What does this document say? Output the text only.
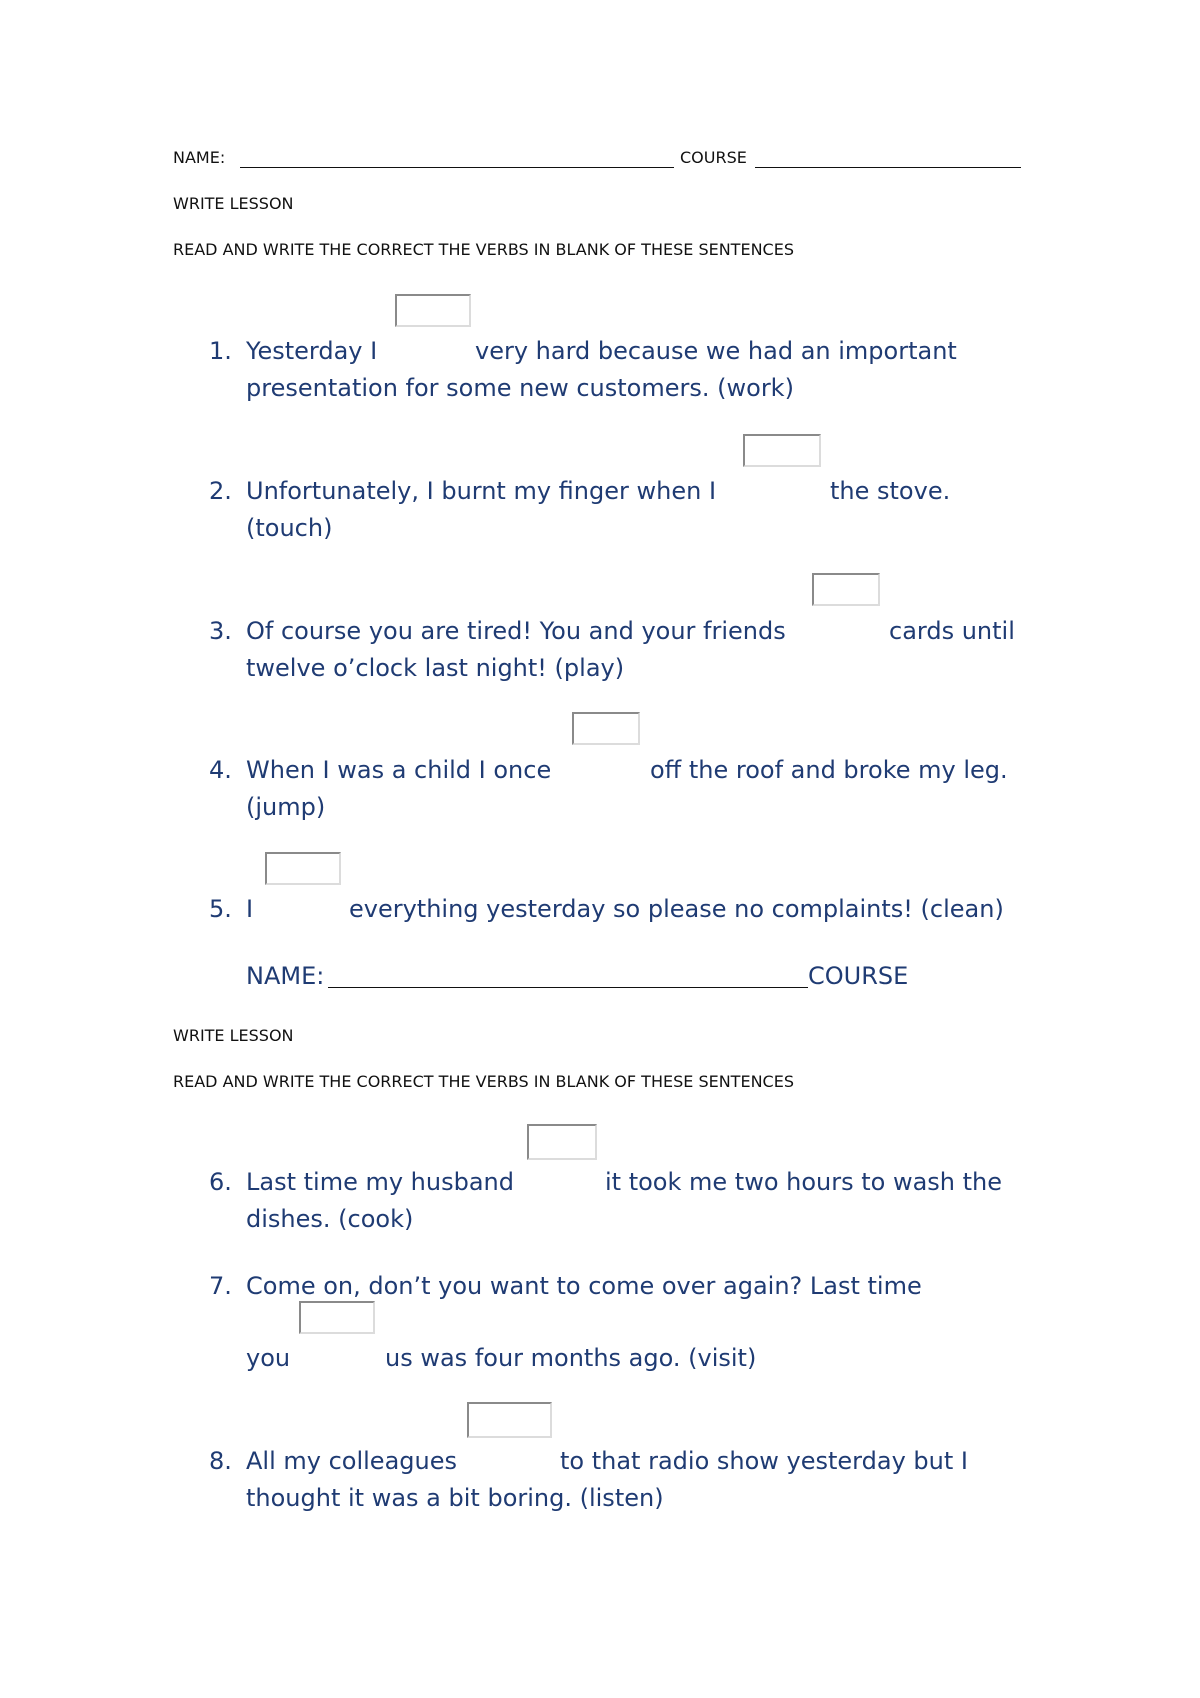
NAME:	COURSE
WRITE LESSON
READ AND WRITE THE CORRECT THE VERBS IN BLANK OF THESE SENTENCES
1. Yesterday I	very hard because we had an important
presentation for some new customers. (work)
2. Unfortunately, I burnt my finger when I	the stove.
(touch)
3. Of course you are tired! You and your friends	cards until
twelve o’clock last night! (play)
4. When I was a child I once	off the roof and broke my leg.
(jump)
5. I	everything yesterday so please no complaints! (clean)
NAME:	COURSE
WRITE LESSON
READ AND WRITE THE CORRECT THE VERBS IN BLANK OF THESE SENTENCES
6. Last time my husband	it took me two hours to wash the
dishes. (cook)
7. Come on, don’t you want to come over again? Last time
you	us was four months ago. (visit)
8. All my colleagues	to that radio show yesterday but I
thought it was a bit boring. (listen)
